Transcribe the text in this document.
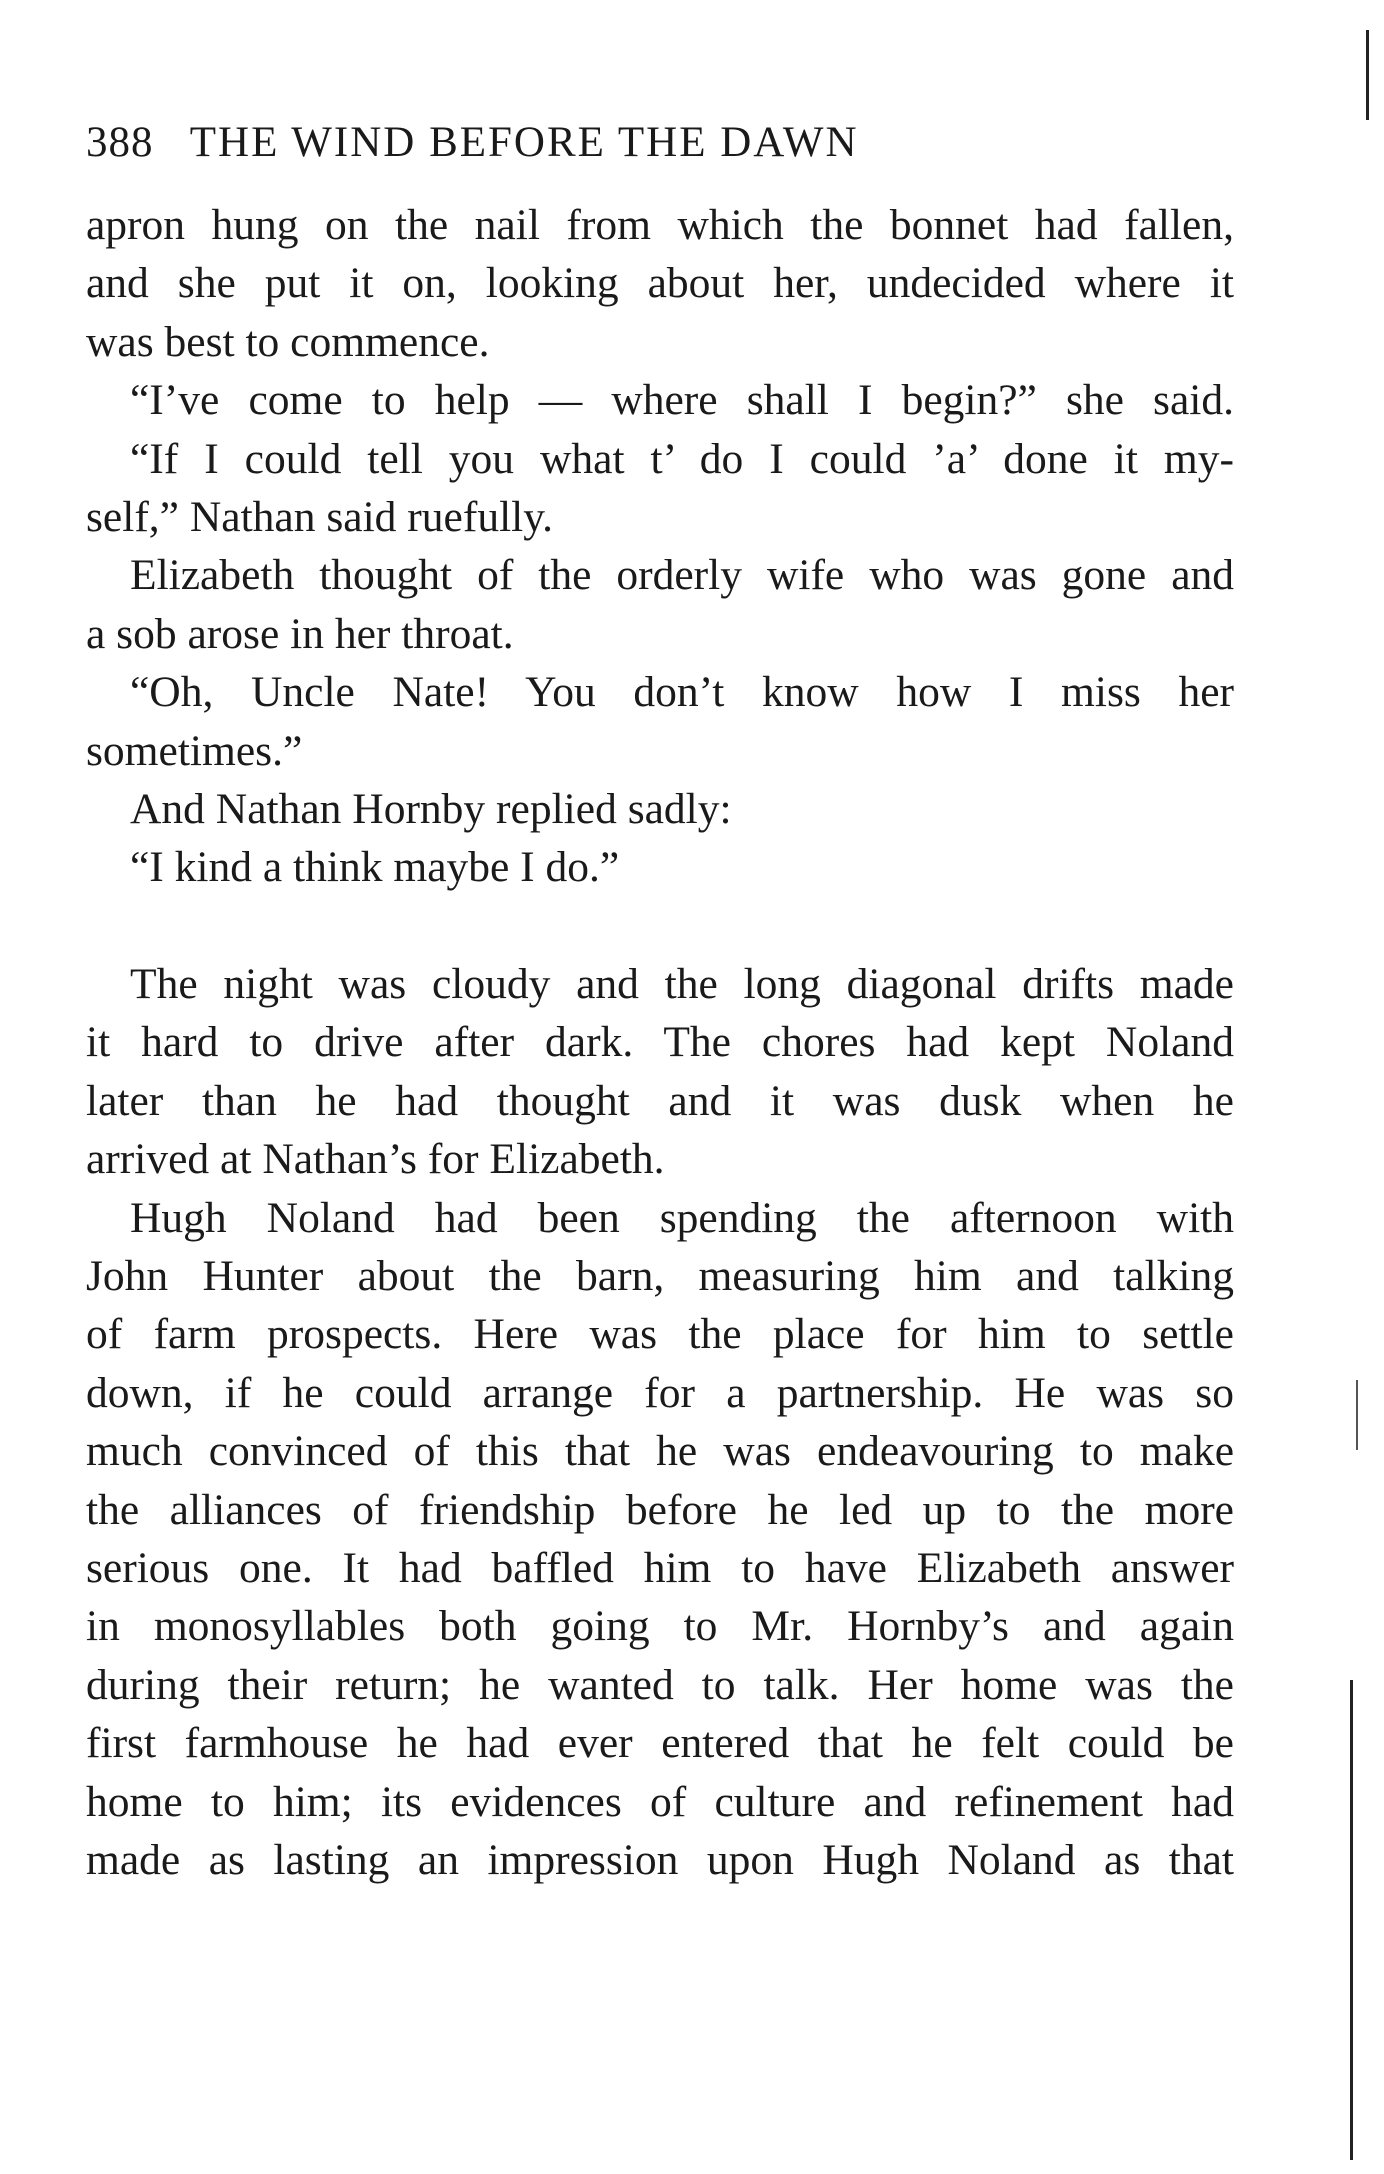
388 THE WIND BEFORE THE DAWN
apron hung on the nail from which the bonnet had fallen,
and she put it on, looking about her, undecided where it
was best to commence.
“I’ve come to help — where shall I begin?” she said.
“If I could tell you what t’ do I could ’a’ done it my-
self,” Nathan said ruefully.
Elizabeth thought of the orderly wife who was gone and
a sob arose in her throat.
“Oh, Uncle Nate! You don’t know how I miss her
sometimes.”
And Nathan Hornby replied sadly:
“I kind a think maybe I do.”
The night was cloudy and the long diagonal drifts made
it hard to drive after dark. The chores had kept Noland
later than he had thought and it was dusk when he
arrived at Nathan’s for Elizabeth.
Hugh Noland had been spending the afternoon with
John Hunter about the barn, measuring him and talking
of farm prospects. Here was the place for him to settle
down, if he could arrange for a partnership. He was so
much convinced of this that he was endeavouring to make
the alliances of friendship before he led up to the more
serious one. It had baffled him to have Elizabeth answer
in monosyllables both going to Mr. Hornby’s and again
during their return; he wanted to talk. Her home was the
first farmhouse he had ever entered that he felt could be
home to him; its evidences of culture and refinement had
made as lasting an impression upon Hugh Noland as that
